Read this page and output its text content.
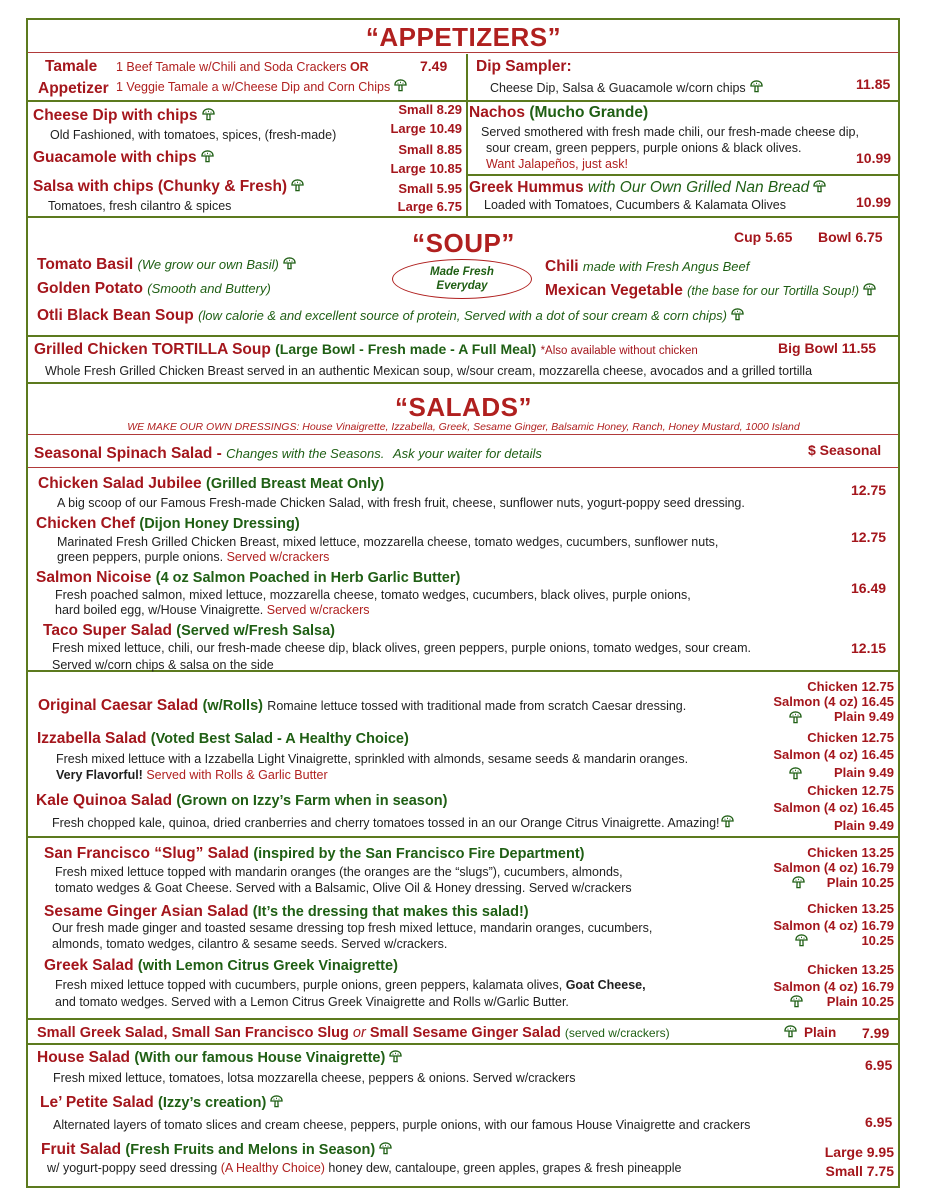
“APPETIZERS”
Tamale
Appetizer
1 Beef Tamale w/Chili and Soda Crackers OR	7.49
1 Veggie Tamale a w/Cheese Dip and Corn Chips
Dip Sampler:
Cheese Dip, Salsa & Guacamole w/corn chips	11.85
Cheese Dip with chips
Old Fashioned, with tomatoes, spices, (fresh-made)
Small 8.29
Large 10.49
Guacamole with chips	Small 8.85
Large 10.85
Salsa with chips (Chunky & Fresh)
Tomatoes, fresh cilantro & spices
Small 5.95
Large 6.75
Nachos (Mucho Grande)
Served smothered with fresh made chili, our fresh-made cheese dip,
sour cream, green peppers, purple onions & black olives.
Want Jalapeños, just ask!	10.99
Greek Hummus with Our Own Grilled Nan Bread
Loaded with Tomatoes, Cucumbers & Kalamata Olives	10.99
“SOUP”	Cup 5.65 Bowl 6.75
Tomato Basil (We grow our own Basil)
Golden Potato (Smooth and Buttery)
Made Fresh
Everyday
Chili made with Fresh Angus Beef
Mexican Vegetable (the base for our Tortilla Soup!)
Otli Black Bean Soup (low calorie & and excellent source of protein, Served with a dot of sour cream & corn chips)
Grilled Chicken TORTILLA Soup (Large Bowl - Fresh made - A Full Meal) *Also available without chicken	Big Bowl 11.55
Whole Fresh Grilled Chicken Breast served in an authentic Mexican soup, w/sour cream, mozzarella cheese, avocados and a grilled tortilla
“SALADS”
WE MAKE OUR OWN DRESSINGS: House Vinaigrette, Izzabella, Greek, Sesame Ginger, Balsamic Honey, Ranch, Honey Mustard, 1000 Island
Seasonal Spinach Salad - Changes with the Seasons. Ask your waiter for details	$ Seasonal
Chicken Salad Jubilee (Grilled Breast Meat Only)
A big scoop of our Famous Fresh-made Chicken Salad, with fresh fruit, cheese, sunflower nuts, yogurt-poppy seed dressing.
12.75
Chicken Chef (Dijon Honey Dressing)
Marinated Fresh Grilled Chicken Breast, mixed lettuce, mozzarella cheese, tomato wedges, cucumbers, sunflower nuts,
green peppers, purple onions. Served w/crackers
12.75
Salmon Nicoise (4 oz Salmon Poached in Herb Garlic Butter)
Fresh poached salmon, mixed lettuce, mozzarella cheese, tomato wedges, cucumbers, black olives, purple onions,
hard boiled egg, w/House Vinaigrette. Served w/crackers
16.49
Taco Super Salad (Served w/Fresh Salsa)
Fresh mixed lettuce, chili, our fresh-made cheese dip, black olives, green peppers, purple onions, tomato wedges, sour cream.
Served w/corn chips & salsa on the side
12.15
Original Caesar Salad (w/Rolls) Romaine lettuce tossed with traditional made from scratch Caesar dressing.
Chicken 12.75
Salmon (4 oz) 16.45
Plain 9.49
Izzabella Salad (Voted Best Salad - A Healthy Choice)
Fresh mixed lettuce with a Izzabella Light Vinaigrette, sprinkled with almonds, sesame seeds & mandarin oranges.
Very Flavorful! Served with Rolls & Garlic Butter
Chicken 12.75
Salmon (4 oz) 16.45
Plain 9.49
Kale Quinoa Salad (Grown on Izzy’s Farm when in season)
Fresh chopped kale, quinoa, dried cranberries and cherry tomatoes tossed in an our Orange Citrus Vinaigrette. Amazing!
Chicken 12.75
Salmon (4 oz) 16.45
Plain 9.49
San Francisco “Slug” Salad (inspired by the San Francisco Fire Department)
Fresh mixed lettuce topped with mandarin oranges (the oranges are the “slugs”), cucumbers, almonds,
tomato wedges & Goat Cheese. Served with a Balsamic, Olive Oil & Honey dressing. Served w/crackers
Chicken 13.25
Salmon (4 oz) 16.79
Plain 10.25
Sesame Ginger Asian Salad (It’s the dressing that makes this salad!)
Our fresh made ginger and toasted sesame dressing top fresh mixed lettuce, mandarin oranges, cucumbers,
almonds, tomato wedges, cilantro & sesame seeds. Served w/crackers.
Chicken 13.25
Salmon (4 oz) 16.79
10.25
Greek Salad (with Lemon Citrus Greek Vinaigrette)
Fresh mixed lettuce topped with cucumbers, purple onions, green peppers, kalamata olives, Goat Cheese,
and tomato wedges. Served with a Lemon Citrus Greek Vinaigrette and Rolls w/Garlic Butter.
Chicken 13.25
Salmon (4 oz) 16.79
Plain 10.25
Small Greek Salad, Small San Francisco Slug or Small Sesame Ginger Salad (served w/crackers)	Plain 7.99
House Salad (With our famous House Vinaigrette)
Fresh mixed lettuce, tomatoes, lotsa mozzarella cheese, peppers & onions. Served w/crackers
6.95
Le’ Petite Salad (Izzy’s creation)
Alternated layers of tomato slices and cream cheese, peppers, purple onions, with our famous House Vinaigrette and crackers	6.95
Fruit Salad (Fresh Fruits and Melons in Season)
w/ yogurt-poppy seed dressing (A Healthy Choice) honey dew, cantaloupe, green apples, grapes & fresh pineapple
Large 9.95
Small 7.75
